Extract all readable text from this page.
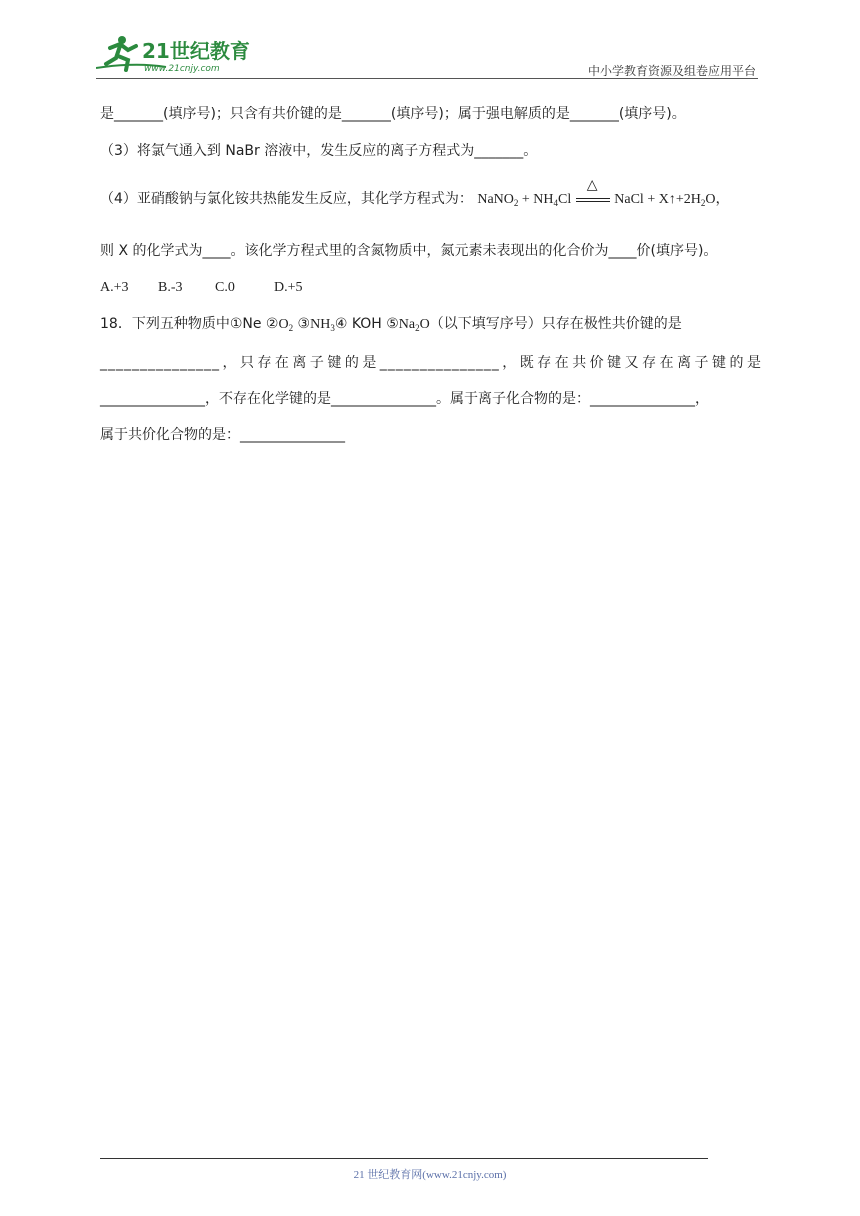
21世纪教育
www.21cnjy.com	中小学教育资源及组卷应用平台
是_______(填序号)；只含有共价键的是_______(填序号)；属于强电解质的是_______(填序号)。
（3）将氯气通入到 NaBr 溶液中，发生反应的离子方程式为_______。
（4）亚硝酸钠与氯化铵共热能发生反应，其化学方程式为： NaNO$_2$ + $NH_4Cl$
△
NaCl + $X↑+2H_2O$，
则 X 的化学式为____。该化学方程式里的含氮物质中，氮元素未表现出的化合价为____价(填序号)。
A.+3 B.-3 C.0	D.+5
18．下列五种物质中①Ne $②O_2$ $③NH_3④$ KOH $⑤Na_2O$（以下填写序号）只存在极性共价键的是
_______________，只存在离子键的是_______________，既存在共价键又存在离子键的是
_______________，不存在化学键的是_______________。属于离子化合物的是：_______________，
属于共价化合物的是：_______________
21 世纪教育网(www.21cnjy.com)
